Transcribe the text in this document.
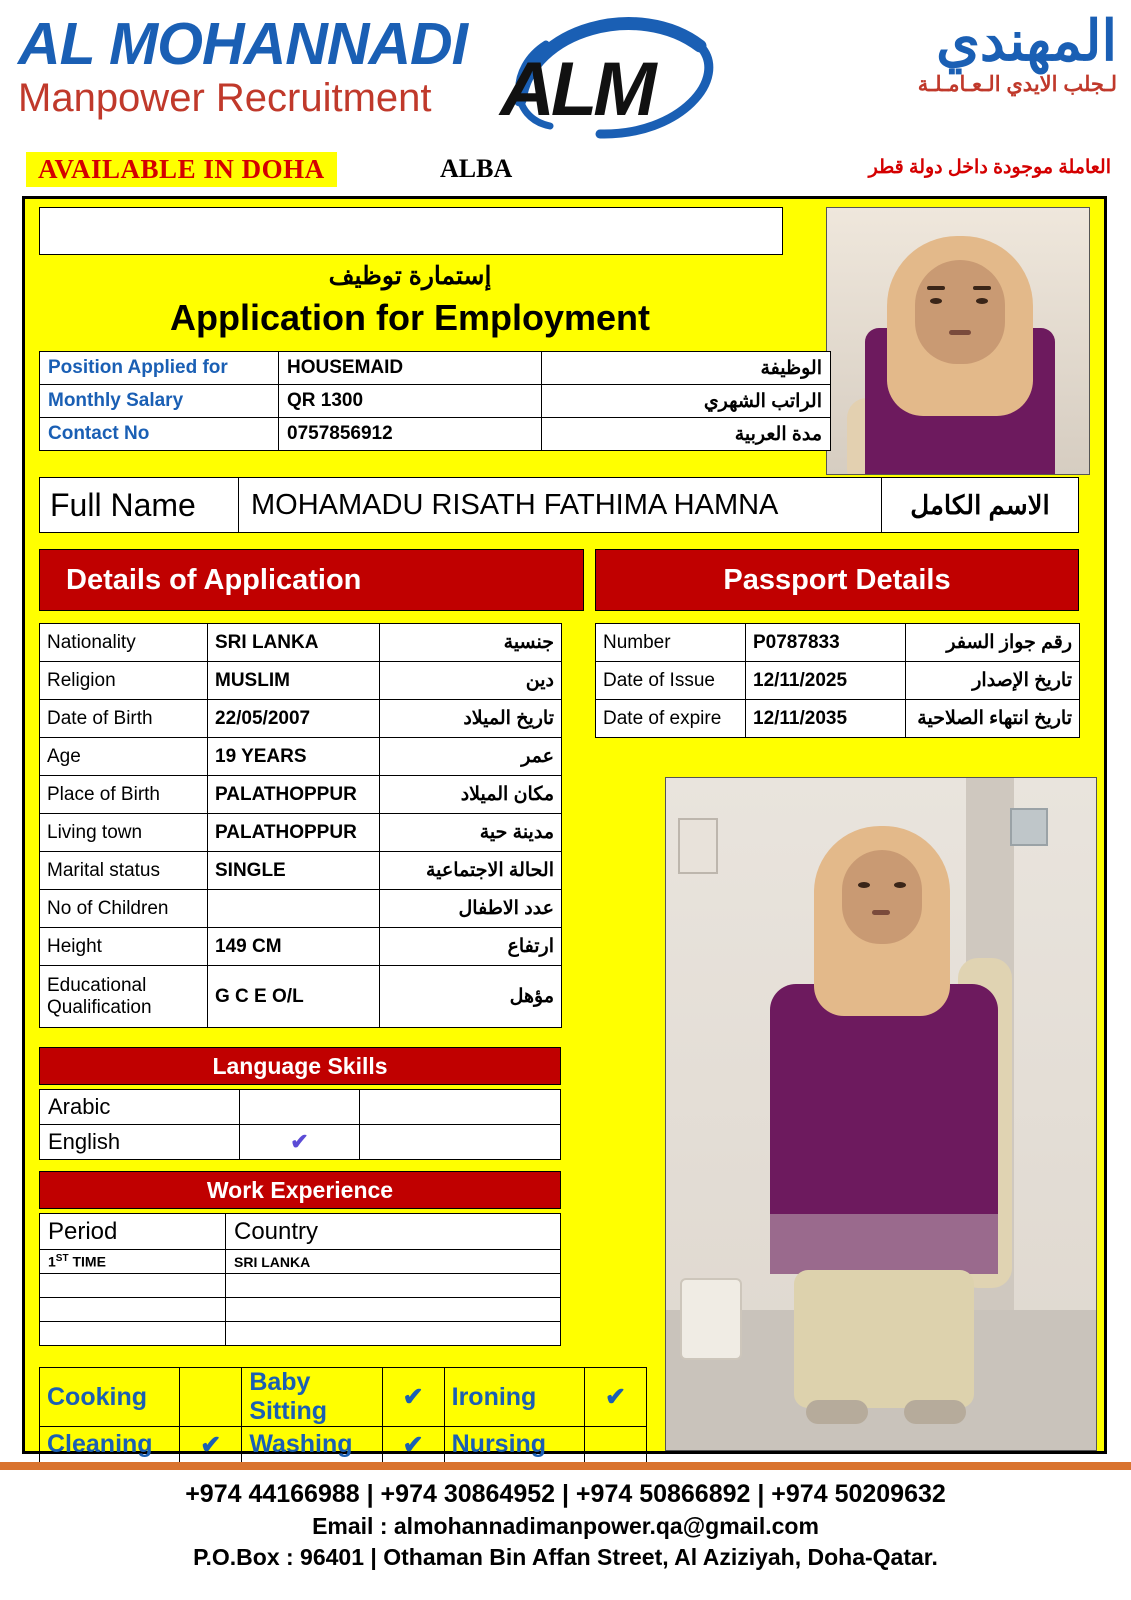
AL MOHANNADI
Manpower Recruitment ALM
المهندي
لـجلب الايدي الـعـامـلـة
AVAILABLE IN DOHA	ALBA	العاملة موجودة داخل دولة قطر
إستمارة توظيف
Application for Employment
Position Applied for	HOUSEMAID	الوظيفة
Monthly Salary	QR 1300	الراتب الشهري
Contact No	0757856912	مدة العربية
Full Name	MOHAMADU RISATH FATHIMA HAMNA	الاسم الكامل
Details of Application	Passport Details
Nationality	SRI LANKA	جنسية
Religion	MUSLIM	دين
Date of Birth	22/05/2007	تاريخ الميلاد
Age	19 YEARS	عمر
Place of Birth	PALATHOPPUR	مكان الميلاد
Living town	PALATHOPPUR	مدينة حية
Marital status	SINGLE	الحالة الاجتماعية
No of Children		عدد الاطفال
Height	149 CM	ارتفاع
Educational Qualification	G C E O/L	مؤهل
Number	P0787833	رقم جواز السفر
Date of Issue	12/11/2025	تاريخ الإصدار
Date of expire	12/11/2035	تاريخ انتهاء الصلاحية
Language Skills
Arabic		
English	✔	
Work Experience
Period	Country
1ST TIME	SRI LANKA

Cooking		Baby Sitting	✔	Ironing	✔
Cleaning	✔	Washing	✔	Nursing	
+974 44166988 | +974 30864952 | +974 50866892 | +974 50209632
Email : almohannadimanpower.qa@gmail.com
P.O.Box : 96401 | Othaman Bin Affan Street, Al Aziziyah, Doha-Qatar.
